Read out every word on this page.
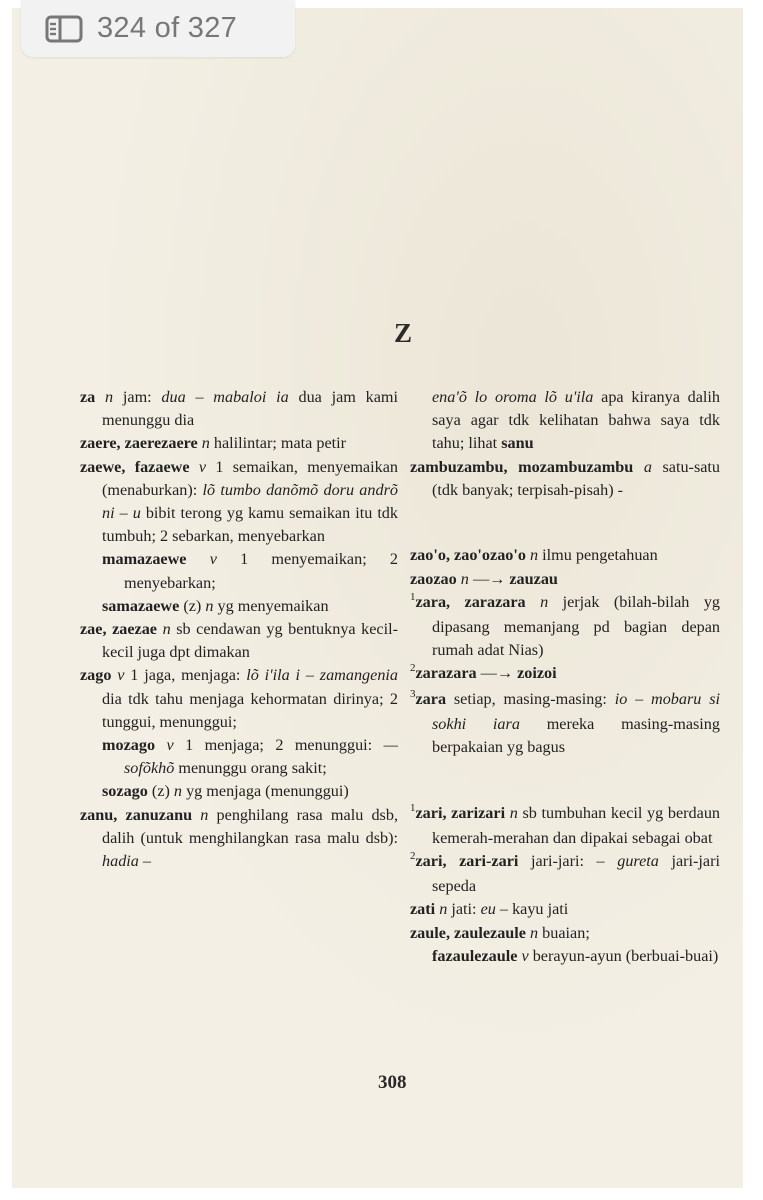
324 of 327
Z

za n jam: dua – mabaloi ia dua jam kami menunggu dia

zaere, zaerezaere n halilintar; mata petir

zaewe, fazaewe v 1 semaikan, menyemaikan (menaburkan): lõ tumbo danõmõ doru andrõ ni – u bibit terong yg kamu semaikan itu tdk tumbuh; 2 sebarkan, menyebarkan

mamazaewe v 1 menyemaikan; 2 menyebarkan;

samazaewe (z) n yg menyemaikan

zae, zaezae n sb cendawan yg bentuknya kecil-kecil juga dpt dimakan

zago v 1 jaga, menjaga: lõ i'ila i – zamangenia dia tdk tahu menjaga kehormatan dirinya; 2 tunggui, menunggui;

mozago v 1 menjaga; 2 menunggui: — sofõkhõ menunggu orang sakit;

sozago (z) n yg menjaga (menunggui)

zanu, zanuzanu n penghilang rasa malu dsb, dalih (untuk menghilangkan rasa malu dsb): hadia –

ena'õ lo oroma lõ u'ila apa kiranya dalih saya agar tdk kelihatan bahwa saya tdk tahu; lihat sanu

zambuzambu, mozambuzambu a satu-satu (tdk banyak; terpisah-pisah) -

zao'o, zao'ozao'o n ilmu pengetahuan

zaozao n —→ zauzau

$^1$zara, zarazara n jerjak (bilah-bilah yg dipasang memanjang pd bagian depan rumah adat Nias)

$^2$zarazara —→ zoizoi

$^3$zara setiap, masing-masing: io – mobaru si sokhi iara mereka masing-masing berpakaian yg bagus

$^1$zari, zarizari n sb tumbuhan kecil yg berdaun kemerah-merahan dan dipakai sebagai obat

$^2$zari, zari-zari jari-jari: – gureta jari-jari sepeda

zati n jati: eu – kayu jati

zaule, zaulezaule n buaian;

fazaulezaule v berayun-ayun (berbuai-buai)

308
